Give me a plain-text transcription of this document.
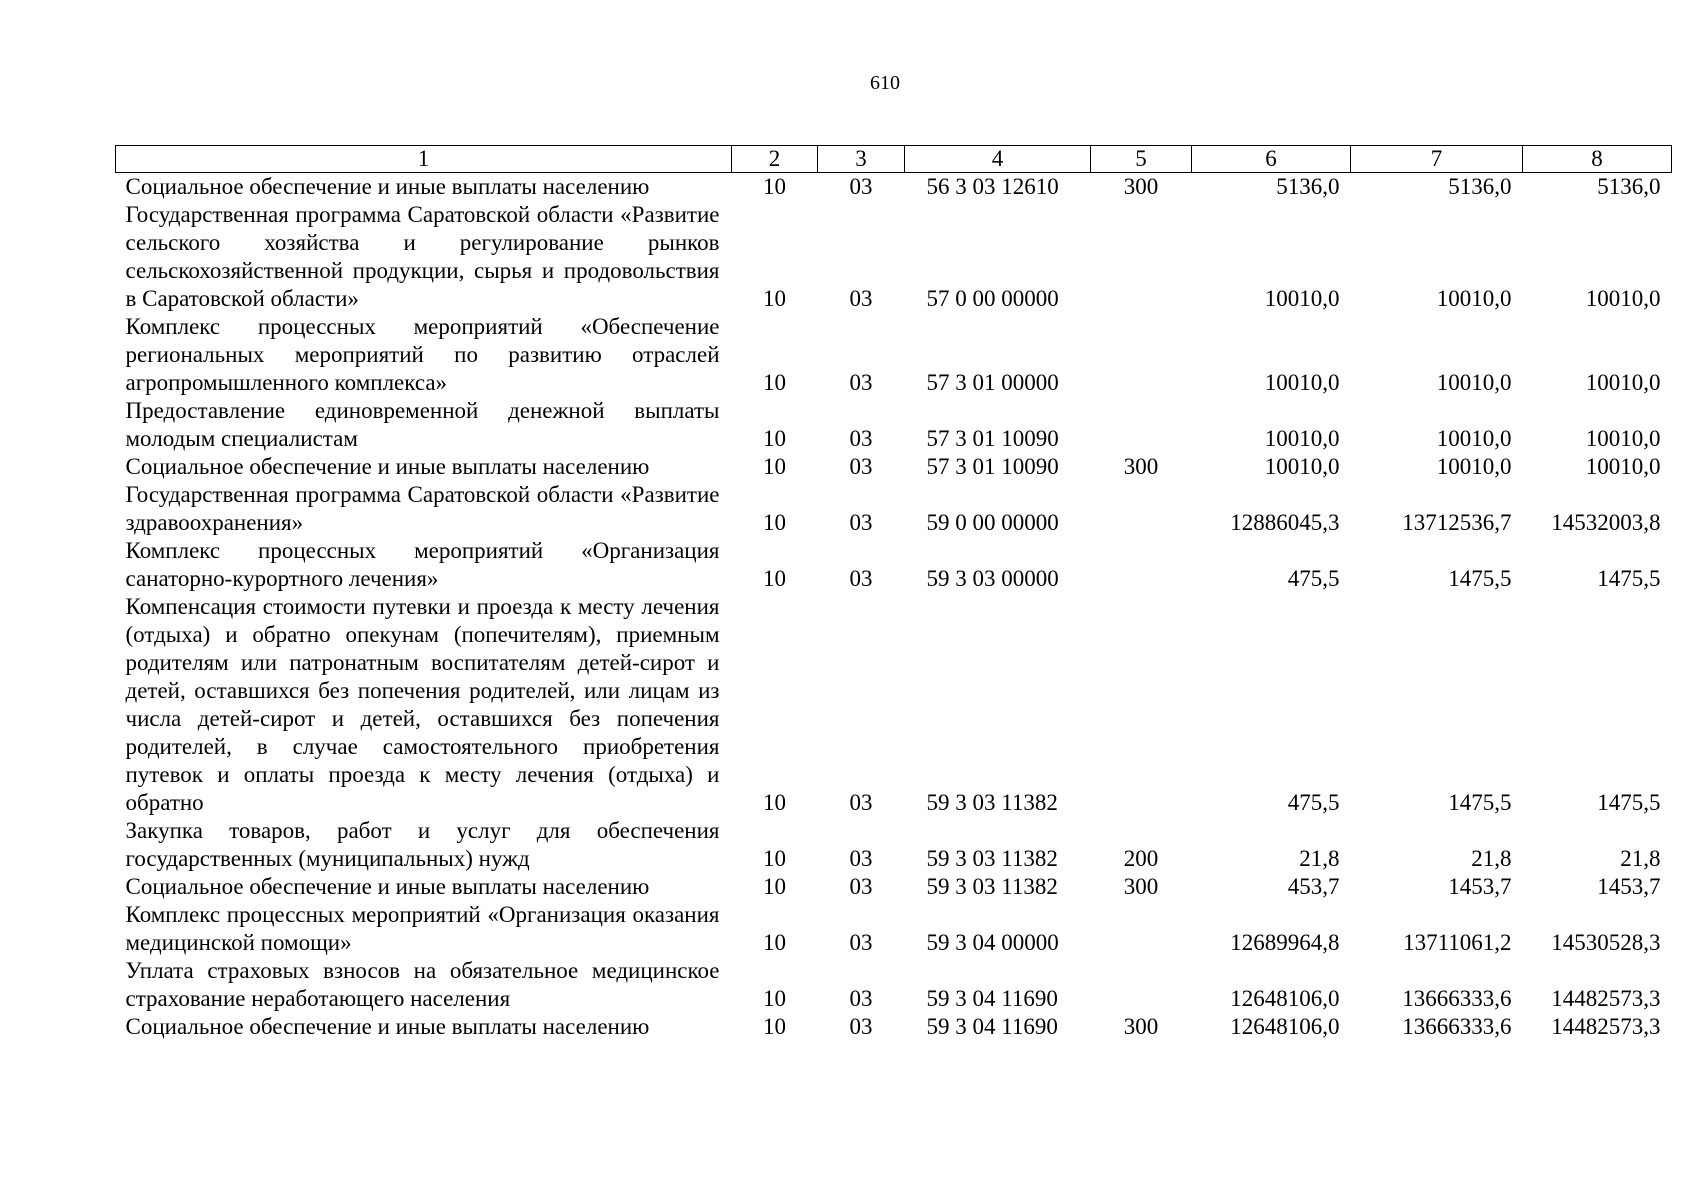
610
1	2	3	4	5	6	7	8
Социальное обеспечение и иные выплаты населению	10	03	56 3 03 12610	300	5136,0	5136,0	5136,0
Государственная программа Саратовской области «Развитие сельского хозяйства и регулирование рынков сельскохозяйственной продукции, сырья и продовольствия в Саратовской области»	10	03	57 0 00 00000		10010,0	10010,0	10010,0
Комплекс процессных мероприятий «Обеспечение региональных мероприятий по развитию отраслей агропромышленного комплекса»	10	03	57 3 01 00000		10010,0	10010,0	10010,0
Предоставление единовременной денежной выплаты молодым специалистам	10	03	57 3 01 10090		10010,0	10010,0	10010,0
Социальное обеспечение и иные выплаты населению	10	03	57 3 01 10090	300	10010,0	10010,0	10010,0
Государственная программа Саратовской области «Развитие здравоохранения»	10	03	59 0 00 00000		12886045,3	13712536,7	14532003,8
Комплекс процессных мероприятий «Организация санаторно-курортного лечения»	10	03	59 3 03 00000		475,5	1475,5	1475,5
Компенсация стоимости путевки и проезда к месту лечения (отдыха) и обратно опекунам (попечителям), приемным родителям или патронатным воспитателям детей-сирот и детей, оставшихся без попечения родителей, или лицам из числа детей-сирот и детей, оставшихся без попечения родителей, в случае самостоятельного приобретения путевок и оплаты проезда к месту лечения (отдыха) и обратно	10	03	59 3 03 11382		475,5	1475,5	1475,5
Закупка товаров, работ и услуг для обеспечения государственных (муниципальных) нужд	10	03	59 3 03 11382	200	21,8	21,8	21,8
Социальное обеспечение и иные выплаты населению	10	03	59 3 03 11382	300	453,7	1453,7	1453,7
Комплекс процессных мероприятий «Организация оказания медицинской помощи»	10	03	59 3 04 00000		12689964,8	13711061,2	14530528,3
Уплата страховых взносов на обязательное медицинское страхование неработающего населения	10	03	59 3 04 11690		12648106,0	13666333,6	14482573,3
Социальное обеспечение и иные выплаты населению	10	03	59 3 04 11690	300	12648106,0	13666333,6	14482573,3
